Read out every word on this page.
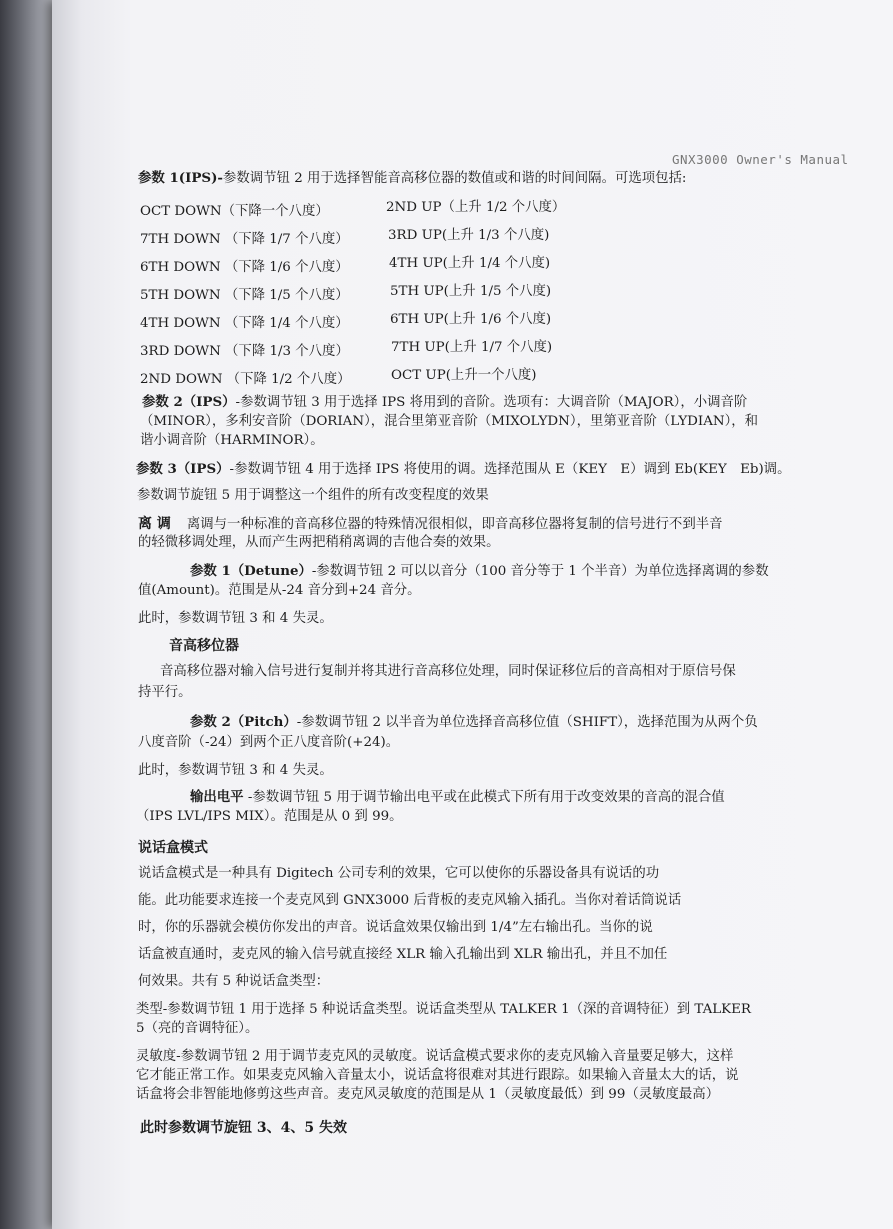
GNX3000 Owner's Manual
参数 1(IPS)-参数调节钮 2 用于选择智能音高移位器的数值或和谐的时间间隔。可选项包括:
OCT DOWN（下降一个八度）
7TH DOWN （下降 1/7 个八度）
6TH DOWN （下降 1/6 个八度）
5TH DOWN （下降 1/5 个八度）
4TH DOWN （下降 1/4 个八度）
3RD DOWN （下降 1/3 个八度）
2ND DOWN （下降 1/2 个八度）
2ND UP（上升 1/2 个八度）
3RD UP(上升 1/3 个八度)
4TH UP(上升 1/4 个八度)
5TH UP(上升 1/5 个八度)
6TH UP(上升 1/6 个八度)
7TH UP(上升 1/7 个八度)
OCT UP(上升一个八度)
参数 2（IPS）-参数调节钮 3 用于选择 IPS 将用到的音阶。选项有：大调音阶（MAJOR），小调音阶
（MINOR），多利安音阶（DORIAN），混合里第亚音阶（MIXOLYDN），里第亚音阶（LYDIAN），和
谐小调音阶（HARMINOR）。
参数 3（IPS）-参数调节钮 4 用于选择 IPS 将使用的调。选择范围从 E（KEY　E）调到 Eb(KEY　Eb)调。
参数调节旋钮 5 用于调整这一个组件的所有改变程度的效果
离 调 离调与一种标准的音高移位器的特殊情况很相似，即音高移位器将复制的信号进行不到半音
的轻微移调处理，从而产生两把稍稍离调的吉他合奏的效果。
参数 1（Detune）-参数调节钮 2 可以以音分（100 音分等于 1 个半音）为单位选择离调的参数
值(Amount)。范围是从-24 音分到+24 音分。
此时，参数调节钮 3 和 4 失灵。
音高移位器
音高移位器对输入信号进行复制并将其进行音高移位处理，同时保证移位后的音高相对于原信号保
持平行。
参数 2（Pitch）-参数调节钮 2 以半音为单位选择音高移位值（SHIFT），选择范围为从两个负
八度音阶（-24）到两个正八度音阶(+24)。
此时，参数调节钮 3 和 4 失灵。
输出电平 -参数调节钮 5 用于调节输出电平或在此模式下所有用于改变效果的音高的混合值
（IPS LVL/IPS MIX）。范围是从 0 到 99。
说话盒模式
说话盒模式是一种具有 Digitech 公司专利的效果，它可以使你的乐器设备具有说话的功
能。此功能要求连接一个麦克风到 GNX3000 后背板的麦克风输入插孔。当你对着话筒说话
时，你的乐器就会模仿你发出的声音。说话盒效果仅输出到 1/4”左右输出孔。当你的说
话盒被直通时，麦克风的输入信号就直接经 XLR 输入孔输出到 XLR 输出孔，并且不加任
何效果。共有 5 种说话盒类型：
类型-参数调节钮 1 用于选择 5 种说话盒类型。说话盒类型从 TALKER 1（深的音调特征）到 TALKER
5（亮的音调特征）。
灵敏度-参数调节钮 2 用于调节麦克风的灵敏度。说话盒模式要求你的麦克风输入音量要足够大，这样
它才能正常工作。如果麦克风输入音量太小，说话盒将很难对其进行跟踪。如果输入音量太大的话，说
话盒将会非智能地修剪这些声音。麦克风灵敏度的范围是从 1（灵敏度最低）到 99（灵敏度最高）
此时参数调节旋钮 3、4、5 失效
